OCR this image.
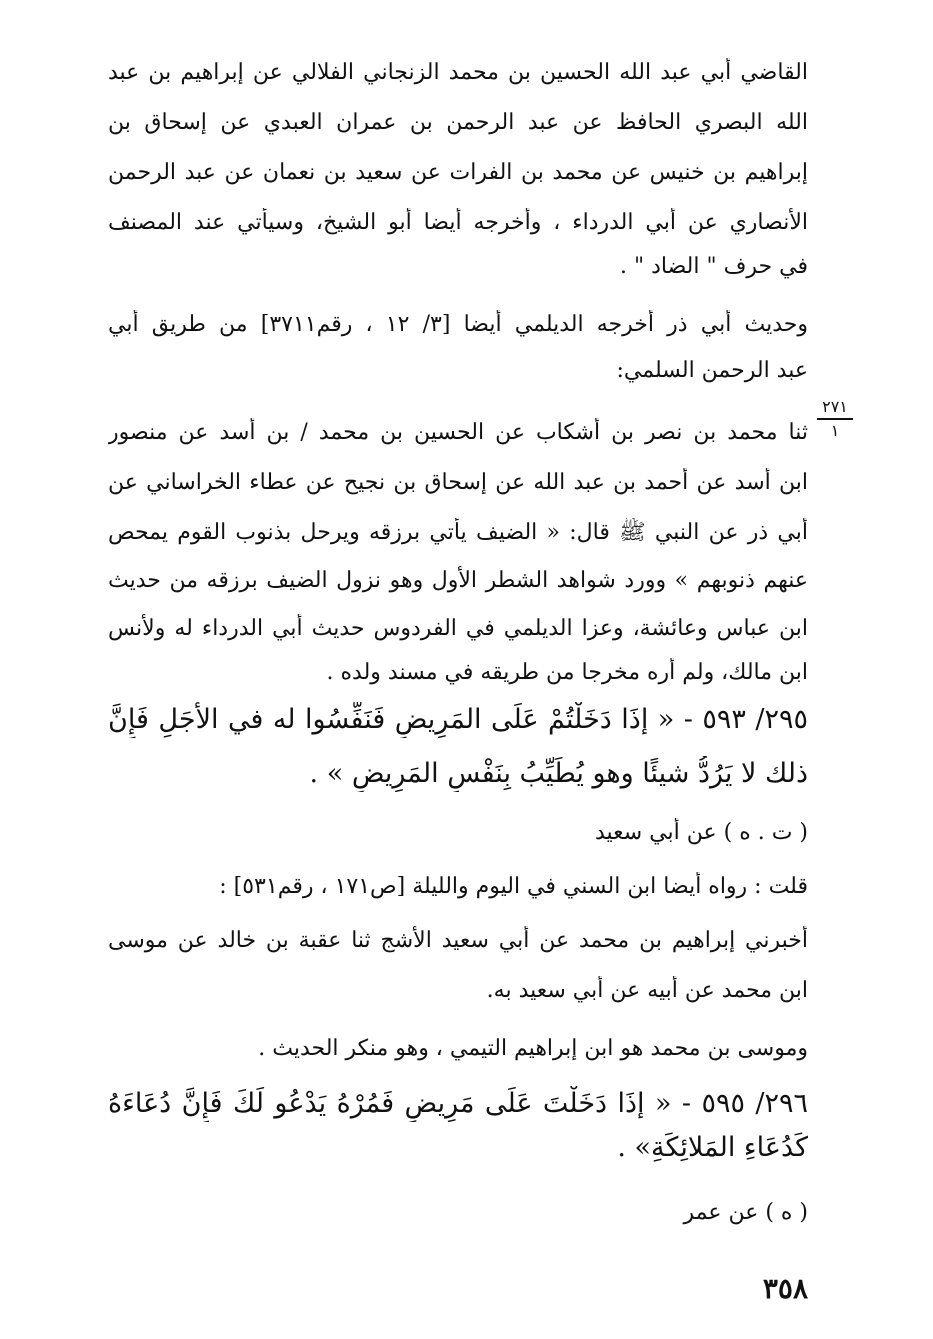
القاضي أبي عبد الله الحسين بن محمد الزنجاني الفلالي عن إبراهيم بن عبد
الله البصري الحافظ عن عبد الرحمن بن عمران العبدي عن إسحاق بن
إبراهيم بن خنيس عن محمد بن الفرات عن سعيد بن نعمان عن عبد الرحمن
الأنصاري عن أبي الدرداء ، وأخرجه أيضا أبو الشيخ، وسيأتي عند المصنف
في حرف " الضاد " .
وحديث أبي ذر أخرجه الديلمي أيضا [٣/ ١٢ ، رقم٣٧١١] من طريق أبي
عبد الرحمن السلمي:
٢٧١
١
ثنا محمد بن نصر بن أشكاب عن الحسين بن محمد / بن أسد عن منصور
ابن أسد عن أحمد بن عبد الله عن إسحاق بن نجيح عن عطاء الخراساني عن
أبي ذر عن النبي ﷺ قال: « الضيف يأتي برزقه ويرحل بذنوب القوم يمحص
عنهم ذنوبهم » وورد شواهد الشطر الأول وهو نزول الضيف برزقه من حديث
ابن عباس وعائشة، وعزا الديلمي في الفردوس حديث أبي الدرداء له ولأنس
ابن مالك، ولم أره مخرجا من طريقه في مسند ولده .
٢٩٥/ ٥٩٣ - « إذَا دَخَلْتُمْ عَلَى المَرِيضِ فَنَفِّسُوا له في الأَجَلِ فَإِنَّ
ذلك لا يَرُدُّ شيئًا وهو يُطَيِّبُ بِنَفْسِ المَرِيضِ » .
( ت . ه ) عن أبي سعيد
قلت : رواه أيضا ابن السني في اليوم والليلة [ص١٧١ ، رقم٥٣١] :
أخبرني إبراهيم بن محمد عن أبي سعيد الأشج ثنا عقبة بن خالد عن موسى
ابن محمد عن أبيه عن أبي سعيد به.
وموسى بن محمد هو ابن إبراهيم التيمي ، وهو منكر الحديث .
٢٩٦/ ٥٩٥ - « إذَا دَخَلْتَ عَلَى مَرِيضٍ فَمُرْهُ يَدْعُو لَكَ فَإِنَّ دُعَاءَهُ
كَدُعَاءِ المَلائِكَةِ» .
( ه ) عن عمر
٣٥٨
